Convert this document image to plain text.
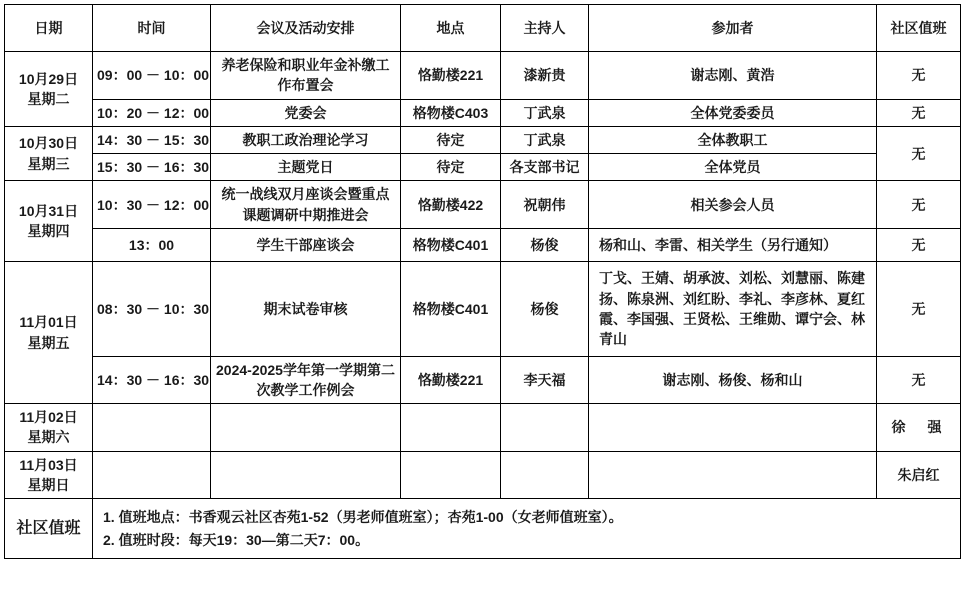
日期	时间	会议及活动安排	地点	主持人	参加者	社区值班

10月29日
星期二	09：00 － 10：00	养老保险和职业年金补缴工作布置会	恪勤楼221	漆新贵	谢志刚、黄浩	无
	10：20 － 12：00	党委会	格物楼C403	丁武泉	全体党委委员	无

10月30日
星期三	14：30 － 15：30	教职工政治理论学习	待定	丁武泉	全体教职工	无
	15：30 － 16：30	主题党日	待定	各支部书记	全体党员	

10月31日
星期四	10：30 － 12：00	统一战线双月座谈会暨重点课题调研中期推进会	恪勤楼422	祝朝伟	相关参会人员	无
	13：00	学生干部座谈会	格物楼C401	杨俊	杨和山、李雷、相关学生（另行通知）	无

11月01日
星期五	08：30 － 10：30	期末试卷审核	格物楼C401	杨俊	丁戈、王婧、胡承波、刘松、刘慧丽、陈建扬、陈泉洲、刘红盼、李礼、李彦林、夏红霞、李国强、王贤松、王维勋、谭宁会、林青山	无
	14：30 － 16：30	2024-2025学年第一学期第二次教学工作例会	恪勤楼221	李天福	谢志刚、杨俊、杨和山	无

11月02日
星期六						徐　强

11月03日
星期日						朱启红
社区值班	1. 值班地点：书香观云社区杏苑1-52（男老师值班室）；杏苑1-00（女老师值班室）。
2. 值班时段：每天19：30—第二天7：00。					
